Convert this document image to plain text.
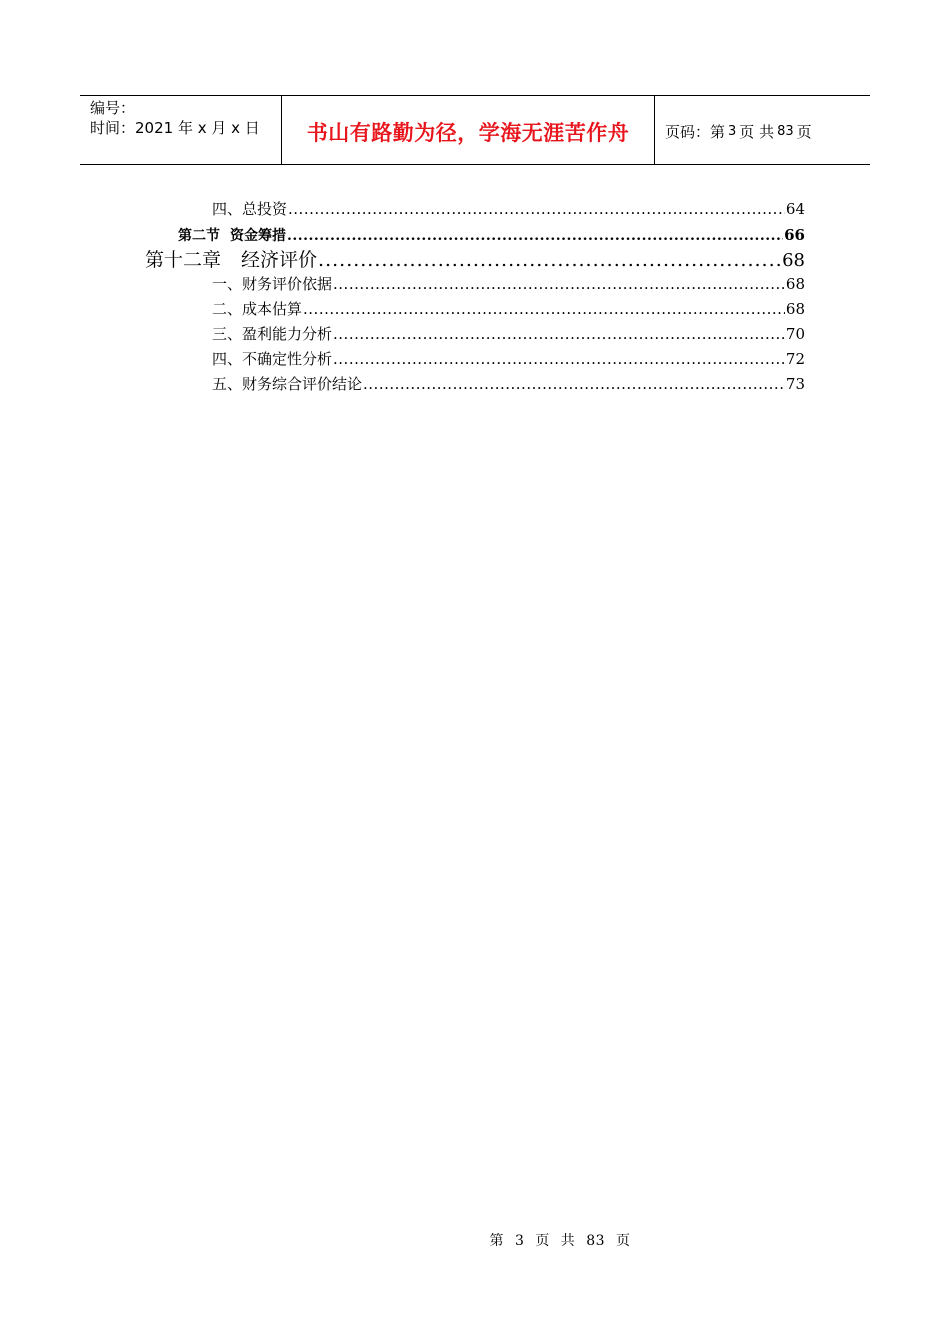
编号：
时间：2021 年 x 月 x 日	书山有路勤为径，学海无涯苦作舟 页码：第 3 页 共 83 页
四、总投资 .....	64
第二节 资金筹措 .....	66
第十二章 经济评价 .....	68
一、财务评价依据 .....	68
二、成本估算 .....	68
三、盈利能力分析 .....	70
四、不确定性分析 .....	72
五、财务综合评价结论 .....	73
第 3 页 共 83 页
